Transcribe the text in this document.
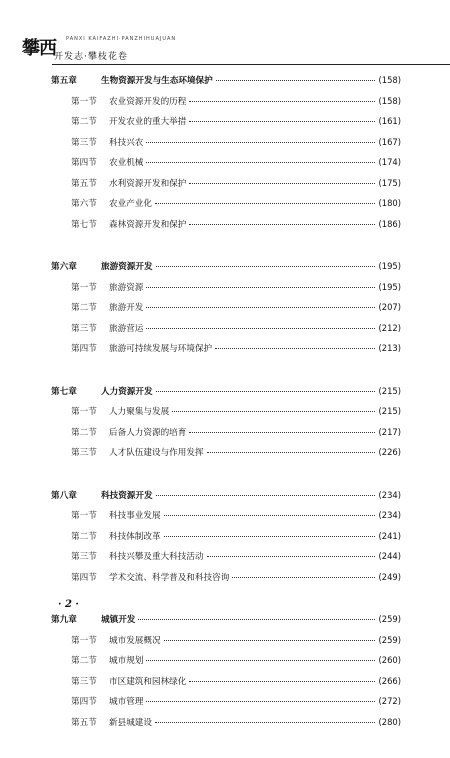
攀西 PANXI KAIFAZHI·PANZHIHUAJUAN
开发志·攀枝花卷
第五章	生物资源开发与生态环境保护	(158)
第一节	农业资源开发的历程	(158)
第二节	开发农业的重大举措	(161)
第三节	科技兴农	(167)
第四节	农业机械	(174)
第五节	水利资源开发和保护	(175)
第六节	农业产业化	(180)
第七节	森林资源开发和保护	(186)
第六章	旅游资源开发	(195)
第一节	旅游资源	(195)
第二节	旅游开发	(207)
第三节	旅游营运	(212)
第四节	旅游可持续发展与环境保护	(213)
第七章	人力资源开发	(215)
第一节	人力聚集与发展	(215)
第二节	后备人力资源的培育	(217)
第三节	人才队伍建设与作用发挥	(226)
第八章	科技资源开发	(234)
第一节	科技事业发展	(234)
第二节	科技体制改革	(241)
第三节	科技兴攀及重大科技活动	(244)
第四节	学术交流、科学普及和科技咨询	(249)
第九章	城镇开发	(259)
第一节	城市发展概况	(259)
第二节	城市规划	(260)
第三节	市区建筑和园林绿化	(266)
第四节	城市管理	(272)
第五节	新县城建设	(280)
· 2 ·
